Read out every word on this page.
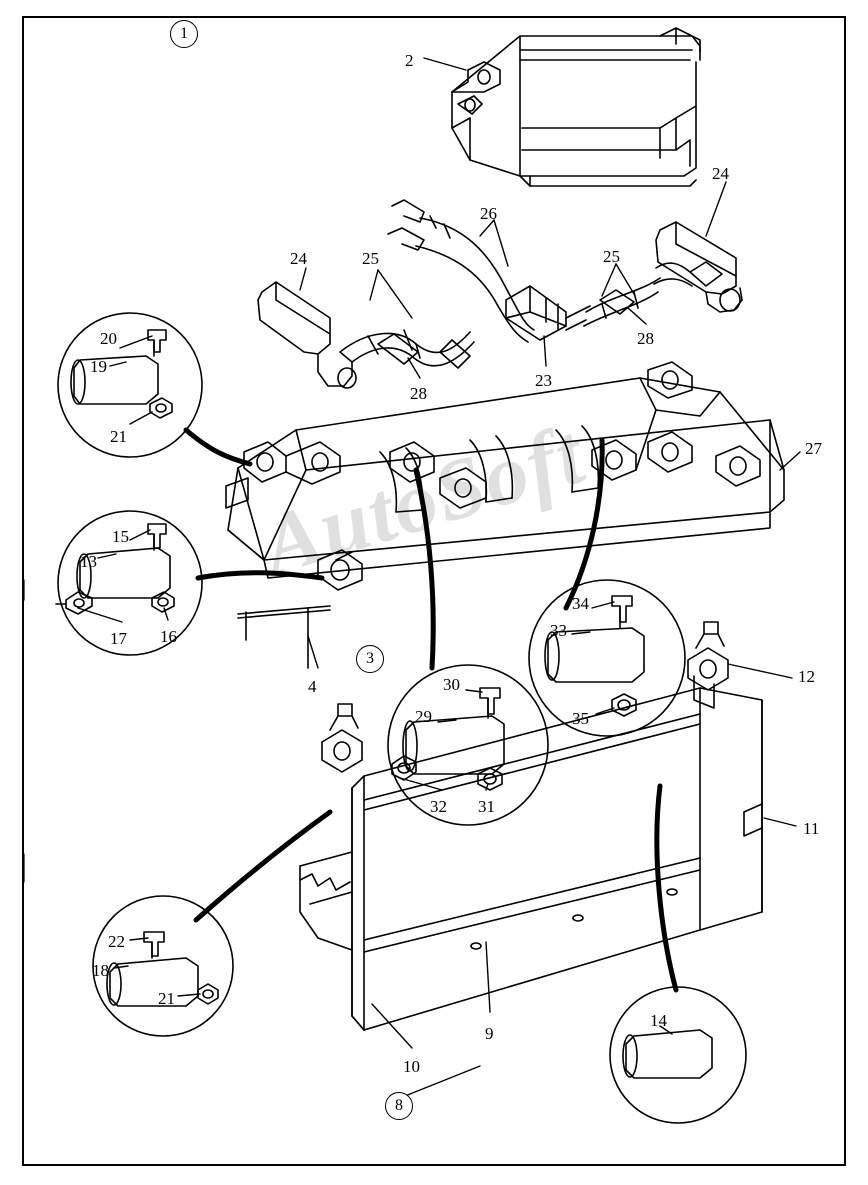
AutoSoft
1
2
24
26
25	25
24
28
23
28
20
19
21
27
15
13
17 16
34
33
35
4
3
30
29
32 31
12
11
22
18
21
14
9
10
8
